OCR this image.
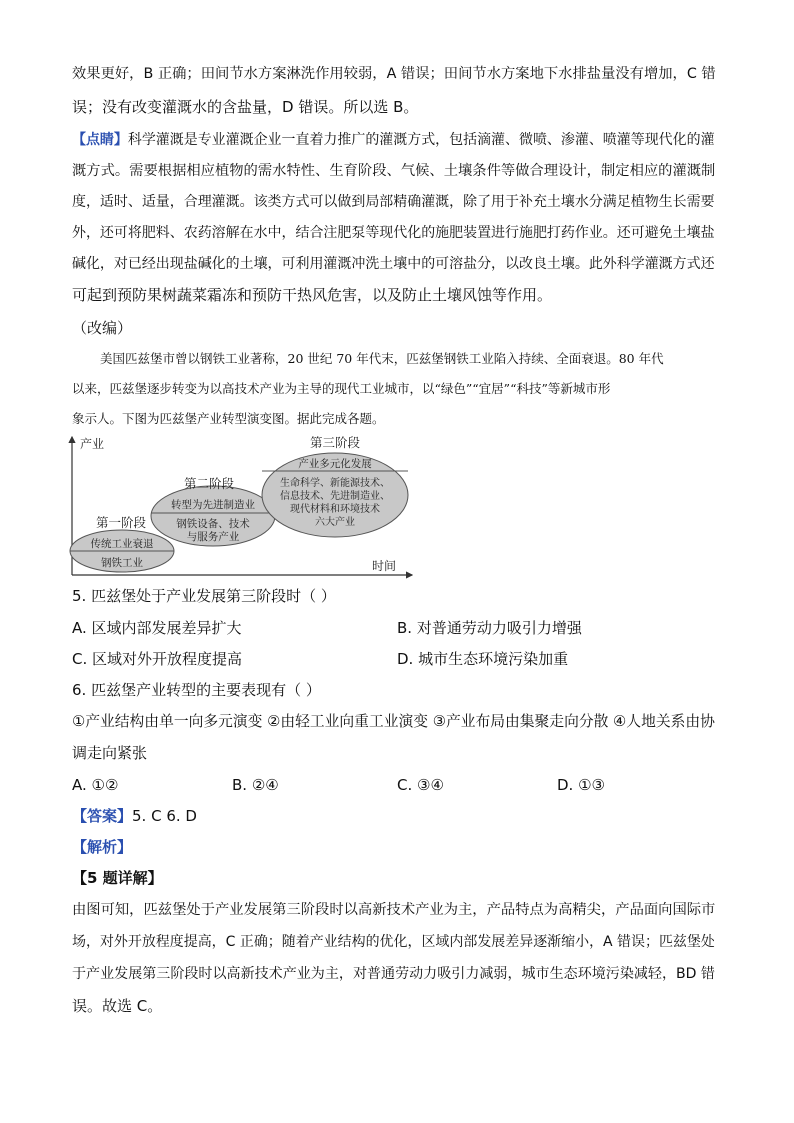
效果更好，B 正确；田间节水方案淋洗作用较弱，A 错误；田间节水方案地下水排盐量没有增加，C 错
误；没有改变灌溉水的含盐量，D 错误。所以选 B。
【点睛】科学灌溉是专业灌溉企业一直着力推广的灌溉方式，包括滴灌、微喷、渗灌、喷灌等现代化的灌
溉方式。需要根据相应植物的需水特性、生育阶段、气候、土壤条件等做合理设计，制定相应的灌溉制
度，适时、适量，合理灌溉。该类方式可以做到局部精确灌溉，除了用于补充土壤水分满足植物生长需要
外，还可将肥料、农药溶解在水中，结合注肥泵等现代化的施肥装置进行施肥打药作业。还可避免土壤盐
碱化，对已经出现盐碱化的土壤，可利用灌溉冲洗土壤中的可溶盐分，以改良土壤。此外科学灌溉方式还
可起到预防果树蔬菜霜冻和预防干热风危害，以及防止土壤风蚀等作用。
（改编）
美国匹兹堡市曾以钢铁工业著称，20 世纪 70 年代末，匹兹堡钢铁工业陷入持续、全面衰退。80 年代
以来，匹兹堡逐步转变为以高技术产业为主导的现代工业城市，以“绿色”“宜居”“科技”等新城市形
象示人。下图为匹兹堡产业转型演变图。据此完成各题。
产业
时间
第一阶段
传统工业衰退
钢铁工业
第二阶段
转型为先进制造业
钢铁设备、技术
与服务产业
第三阶段
产业多元化发展
生命科学、新能源技术、
信息技术、先进制造业、
现代材料和环境技术
六大产业
5. 匹兹堡处于产业发展第三阶段时（ ）
A. 区域内部发展差异扩大	B. 对普通劳动力吸引力增强
C. 区域对外开放程度提高	D. 城市生态环境污染加重
6. 匹兹堡产业转型的主要表现有（ ）
①产业结构由单一向多元演变 ②由轻工业向重工业演变 ③产业布局由集聚走向分散 ④人地关系由协
调走向紧张
A. ①②	B. ②④	C. ③④	D. ①③
【答案】5. C 6. D
【解析】
【5 题详解】
由图可知，匹兹堡处于产业发展第三阶段时以高新技术产业为主，产品特点为高精尖，产品面向国际市
场，对外开放程度提高，C 正确；随着产业结构的优化，区域内部发展差异逐渐缩小，A 错误；匹兹堡处
于产业发展第三阶段时以高新技术产业为主，对普通劳动力吸引力减弱，城市生态环境污染减轻，BD 错
误。故选 C。
